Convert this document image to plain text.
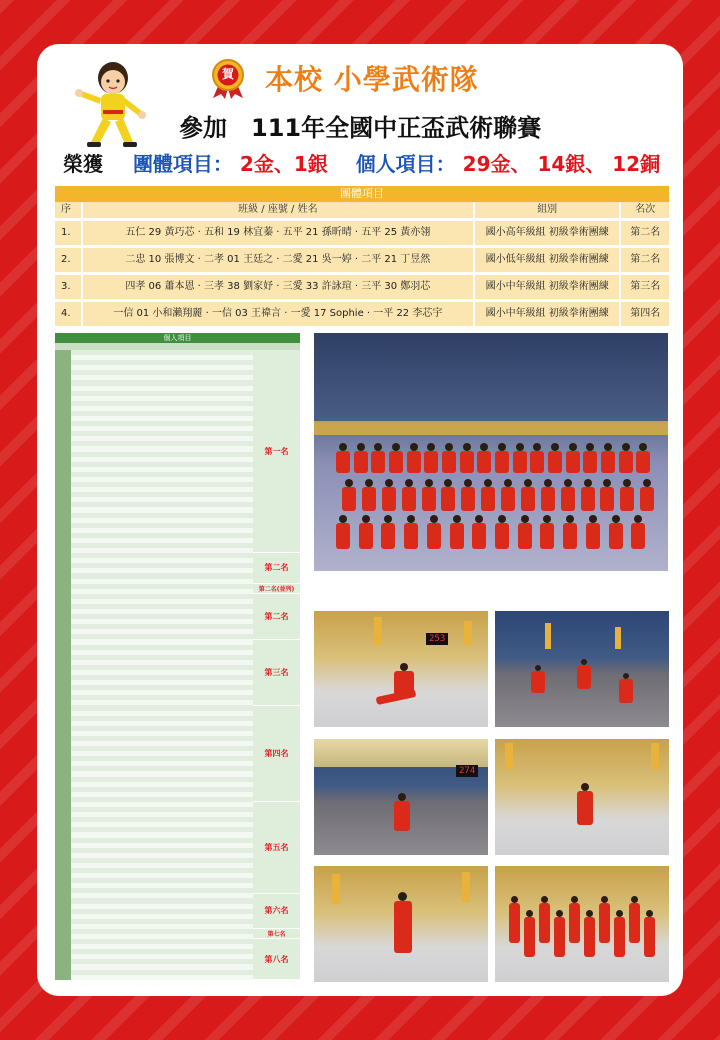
賀 本校 小學武術隊
參加　111年全國中正盃武術聯賽
榮獲 團體項目： 2金、1銀 個人項目： 29金、 14銀、 12銅
團體項目
序	班級 / 座號 / 姓名	組別	名次
1.	五仁 29 黃巧芯 · 五和 19 林宜蓁 · 五平 21 孫昕晴 · 五平 25 黃亦翎	國小高年級組 初級拳術團練	第二名
2.	二忠 10 張博文 · 二孝 01 王廷之 · 二愛 21 吳一婷 · 二平 21 丁昱然	國小低年級組 初級拳術團練	第二名
3.	四孝 06 蕭本恩 · 三孝 38 劉家妤 · 三愛 33 許詠瑄 · 三平 30 鄭羽芯	國小中年級組 初級拳術團練	第三名
4.	一信 01 小和瀨翔麗 · 一信 03 王禕言 · 一愛 17 Sophie · 一平 22 李芯宇	國小中年級組 初級拳術團練	第四名
個人項目
第一名
第二名
第二名(並列)
第二名
第三名
第四名
第五名
第六名
第七名
第八名
253
274
